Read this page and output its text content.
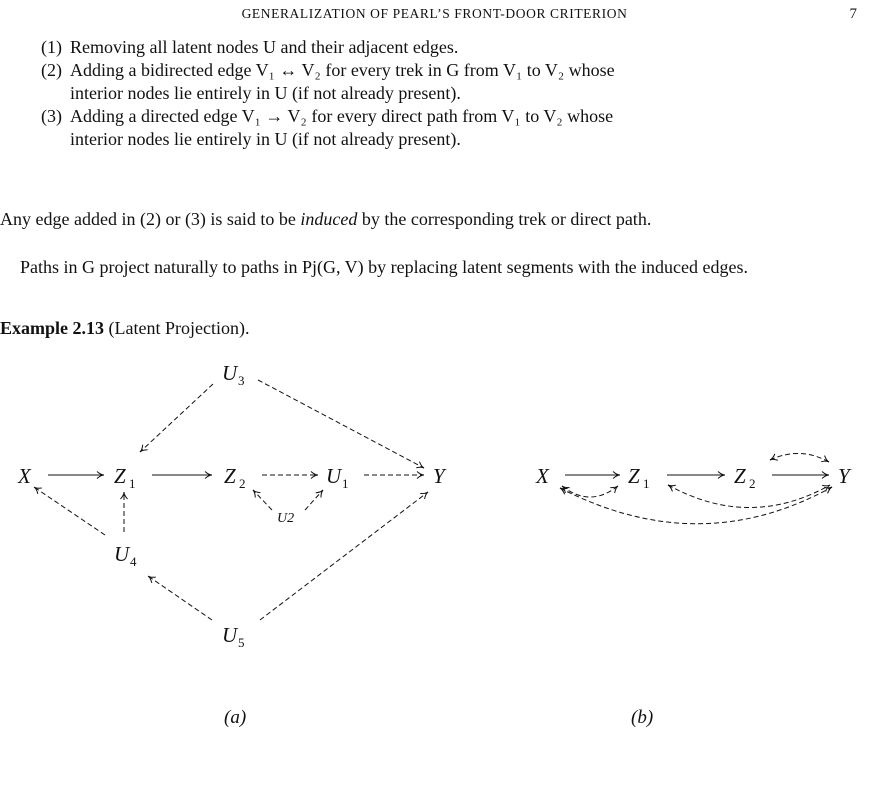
GENERALIZATION OF PEARL’S FRONT-DOOR CRITERION	7
(1) Removing all latent nodes U and their adjacent edges.
(2) Adding a bidirected edge V₁ ↔ V₂ for every trek in G from V₁ to V₂ whose
interior nodes lie entirely in U (if not already present).
(3) Adding a directed edge V₁ → V₂ for every direct path from V₁ to V₂ whose
interior nodes lie entirely in U (if not already present).

Any edge added in (2) or (3) is said to be induced by the corresponding trek or direct path.

Paths in G project naturally to paths in Pj(G, V) by replacing latent segments with the induced edges.

Example 2.13 (Latent Projection).
X	Z 1	Z 2	U 1	Y
U2
U 3
U 4
U 5
X	Z 1	Z 2	Y
(a)	(b)
